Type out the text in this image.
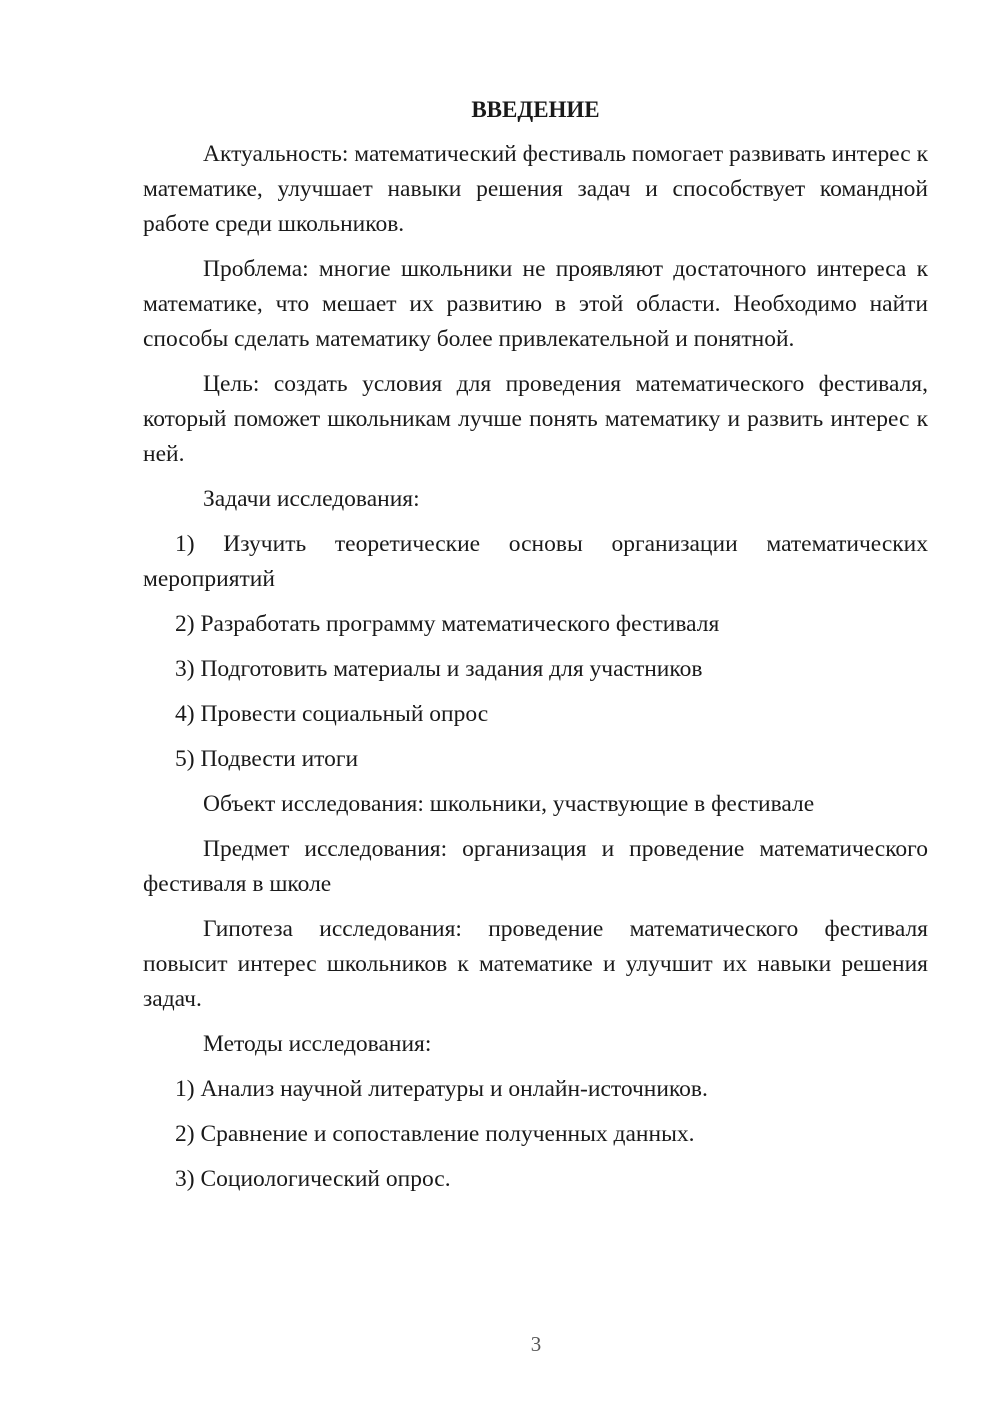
ВВЕДЕНИЕ
Актуальность: математический фестиваль помогает развивать интерес к математике, улучшает навыки решения задач и способствует командной работе среди школьников.
Проблема: многие школьники не проявляют достаточного интереса к математике, что мешает их развитию в этой области. Необходимо найти способы сделать математику более привлекательной и понятной.
Цель: создать условия для проведения математического фестиваля, который поможет школьникам лучше понять математику и развить интерес к ней.
Задачи исследования:
1) Изучить теоретические основы организации математических мероприятий
2) Разработать программу математического фестиваля
3) Подготовить материалы и задания для участников
4) Провести социальный опрос
5) Подвести итоги
Объект исследования: школьники, участвующие в фестивале
Предмет исследования: организация и проведение математического фестиваля в школе
Гипотеза исследования: проведение математического фестиваля повысит интерес школьников к математике и улучшит их навыки решения задач.
Методы исследования:
1) Анализ научной литературы и онлайн-источников.
2) Сравнение и сопоставление полученных данных.
3) Социологический опрос.
3
